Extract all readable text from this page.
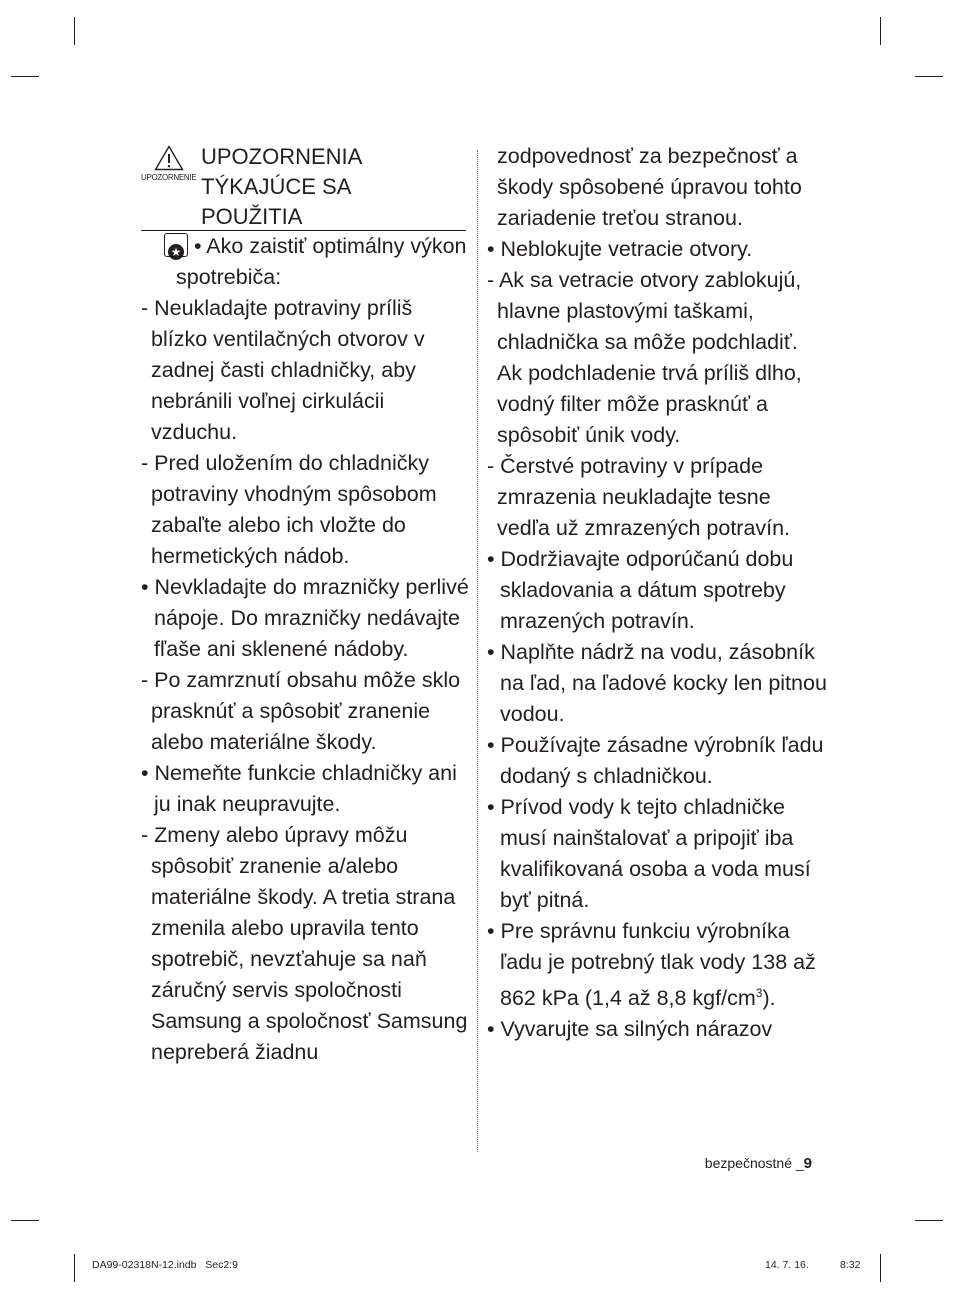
UPOZORNENIE
UPOZORNENIA
TÝKAJÚCE SA
POUŽITIA

★ • Ako zaistiť optimálny výkon spotrebiča:

- Neukladajte potraviny príliš blízko ventilačných otvorov v zadnej časti chladničky, aby nebránili voľnej cirkulácii vzduchu.

- Pred uložením do chladničky potraviny vhodným spôsobom zabaľte alebo ich vložte do hermetických nádob.

• Nevkladajte do mrazničky perlivé nápoje. Do mrazničky nedávajte fľaše ani sklenené nádoby.

- Po zamrznutí obsahu môže sklo prasknúť a spôsobiť zranenie alebo materiálne škody.

• Nemeňte funkcie chladničky ani ju inak neupravujte.

- Zmeny alebo úpravy môžu spôsobiť zranenie a/alebo materiálne škody. A tretia strana zmenila alebo upravila tento spotrebič, nevzťahuje sa naň záručný servis spoločnosti Samsung a spoločnosť Samsung nepreberá žiadnu

zodpovednosť za bezpečnosť a škody spôsobené úpravou tohto zariadenie treťou stranou.

• Neblokujte vetracie otvory.

- Ak sa vetracie otvory zablokujú, hlavne plastovými taškami, chladnička sa môže podchladiť. Ak podchladenie trvá príliš dlho, vodný filter môže prasknúť a spôsobiť únik vody.

- Čerstvé potraviny v prípade zmrazenia neukladajte tesne vedľa už zmrazených potravín.

• Dodržiavajte odporúčanú dobu skladovania a dátum spotreby mrazených potravín.

• Naplňte nádrž na vodu, zásobník na ľad, na ľadové kocky len pitnou vodou.

• Používajte zásadne výrobník ľadu dodaný s chladničkou.

• Prívod vody k tejto chladničke musí nainštalovať a pripojiť iba kvalifikovaná osoba a voda musí byť pitná.

• Pre správnu funkciu výrobníka ľadu je potrebný tlak vody 138 až 862 kPa (1,4 až 8,8 kgf/$cm^3$).

• Vyvarujte sa silných nárazov

bezpečnostné _9
DA99-02318N-12.indb   Sec2:9	14. 7. 16.	8:32
